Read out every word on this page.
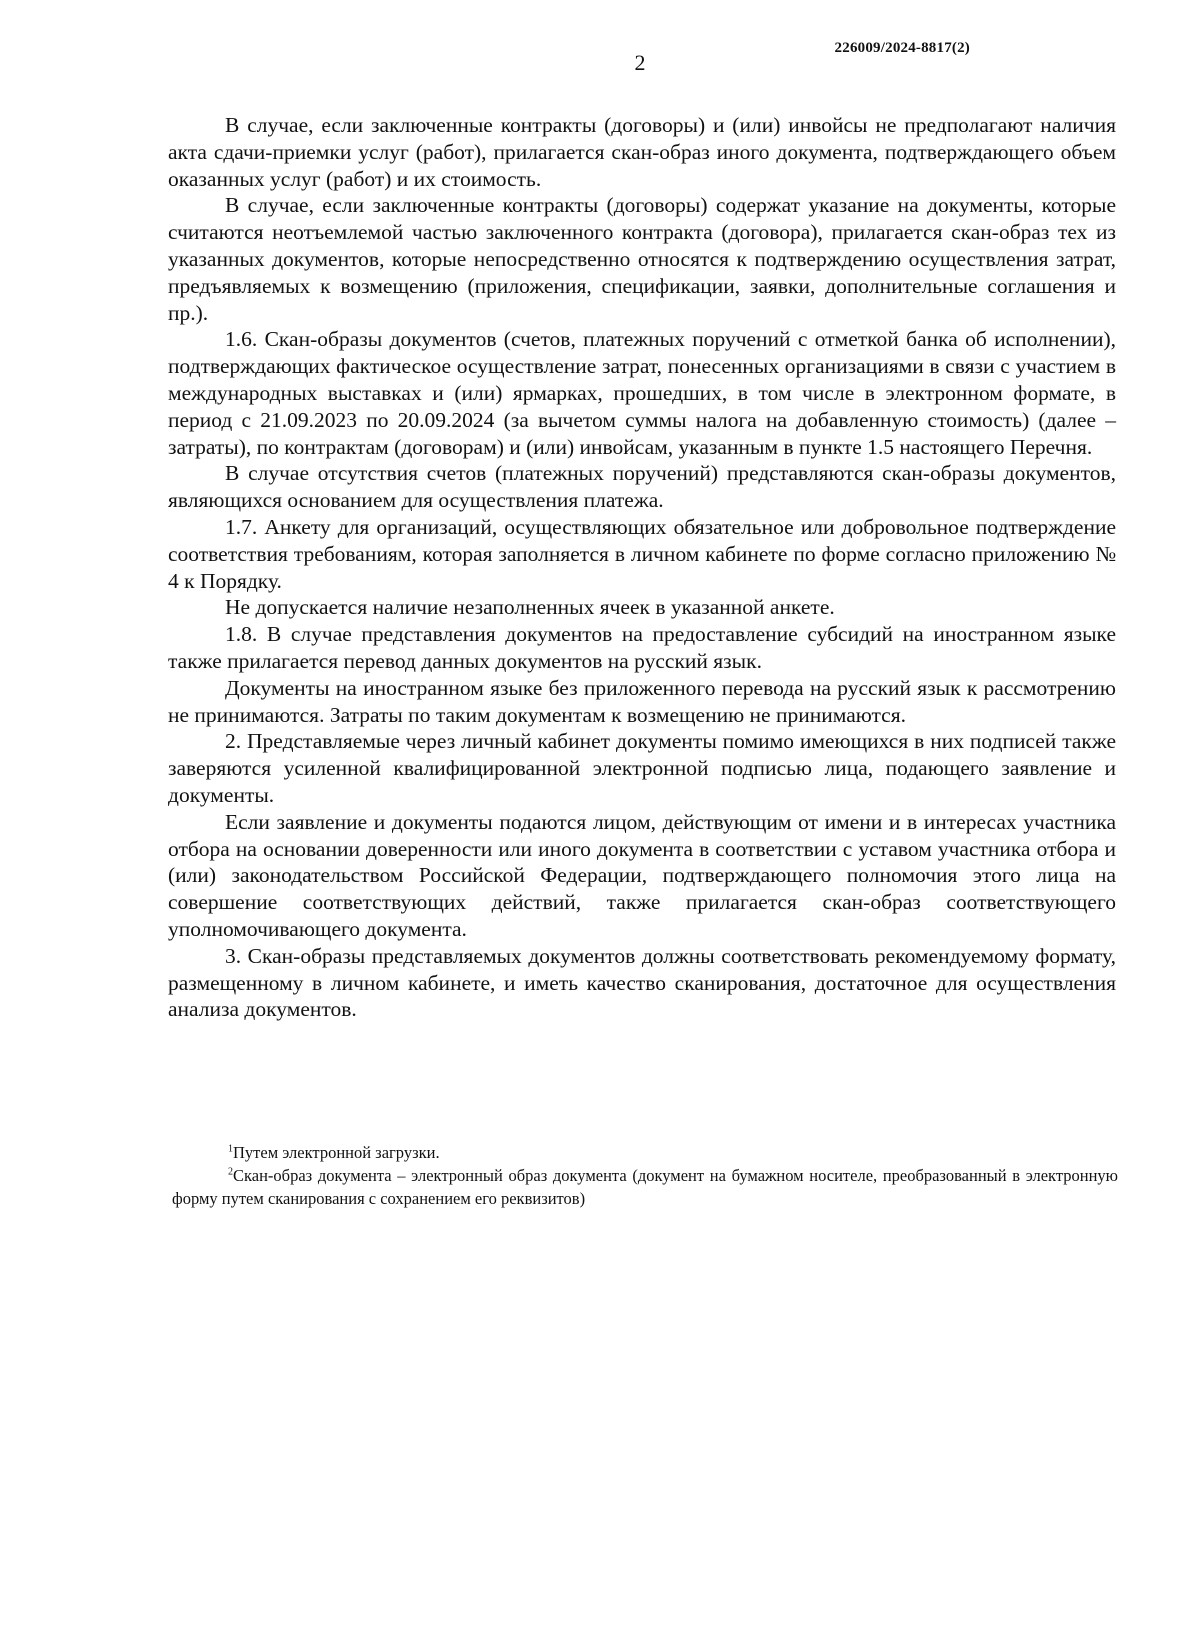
226009/2024-8817(2)
2

В случае, если заключенные контракты (договоры) и (или) инвойсы не предполагают наличия акта сдачи-приемки услуг (работ), прилагается скан-образ иного документа, подтверждающего объем оказанных услуг (работ) и их стоимость.

В случае, если заключенные контракты (договоры) содержат указание на документы, которые считаются неотъемлемой частью заключенного контракта (договора), прилагается скан-образ тех из указанных документов, которые непосредственно относятся к подтверждению осуществления затрат, предъявляемых к возмещению (приложения, спецификации, заявки, дополнительные соглашения и пр.).

1.6. Скан-образы документов (счетов, платежных поручений с отметкой банка об исполнении), подтверждающих фактическое осуществление затрат, понесенных организациями в связи с участием в международных выставках и (или) ярмарках, прошедших, в том числе в электронном формате, в период с 21.09.2023 по 20.09.2024 (за вычетом суммы налога на добавленную стоимость) (далее – затраты), по контрактам (договорам) и (или) инвойсам, указанным в пункте 1.5 настоящего Перечня.

В случае отсутствия счетов (платежных поручений) представляются скан-образы документов, являющихся основанием для осуществления платежа.

1.7. Анкету для организаций, осуществляющих обязательное или добровольное подтверждение соответствия требованиям, которая заполняется в личном кабинете по форме согласно приложению № 4 к Порядку.

Не допускается наличие незаполненных ячеек в указанной анкете.

1.8. В случае представления документов на предоставление субсидий на иностранном языке также прилагается перевод данных документов на русский язык.

Документы на иностранном языке без приложенного перевода на русский язык к рассмотрению не принимаются. Затраты по таким документам к возмещению не принимаются.

2. Представляемые через личный кабинет документы помимо имеющихся в них подписей также заверяются усиленной квалифицированной электронной подписью лица, подающего заявление и документы.

Если заявление и документы подаются лицом, действующим от имени и в интересах участника отбора на основании доверенности или иного документа в соответствии с уставом участника отбора и (или) законодательством Российской Федерации, подтверждающего полномочия этого лица на совершение соответствующих действий, также прилагается скан-образ соответствующего уполномочивающего документа.

3. Скан-образы представляемых документов должны соответствовать рекомендуемому формату, размещенному в личном кабинете, и иметь качество сканирования, достаточное для осуществления анализа документов.

$^1$Путем электронной загрузки.

$^2$Скан-образ документа – электронный образ документа (документ на бумажном носителе, преобразованный в электронную форму путем сканирования с сохранением его реквизитов)
